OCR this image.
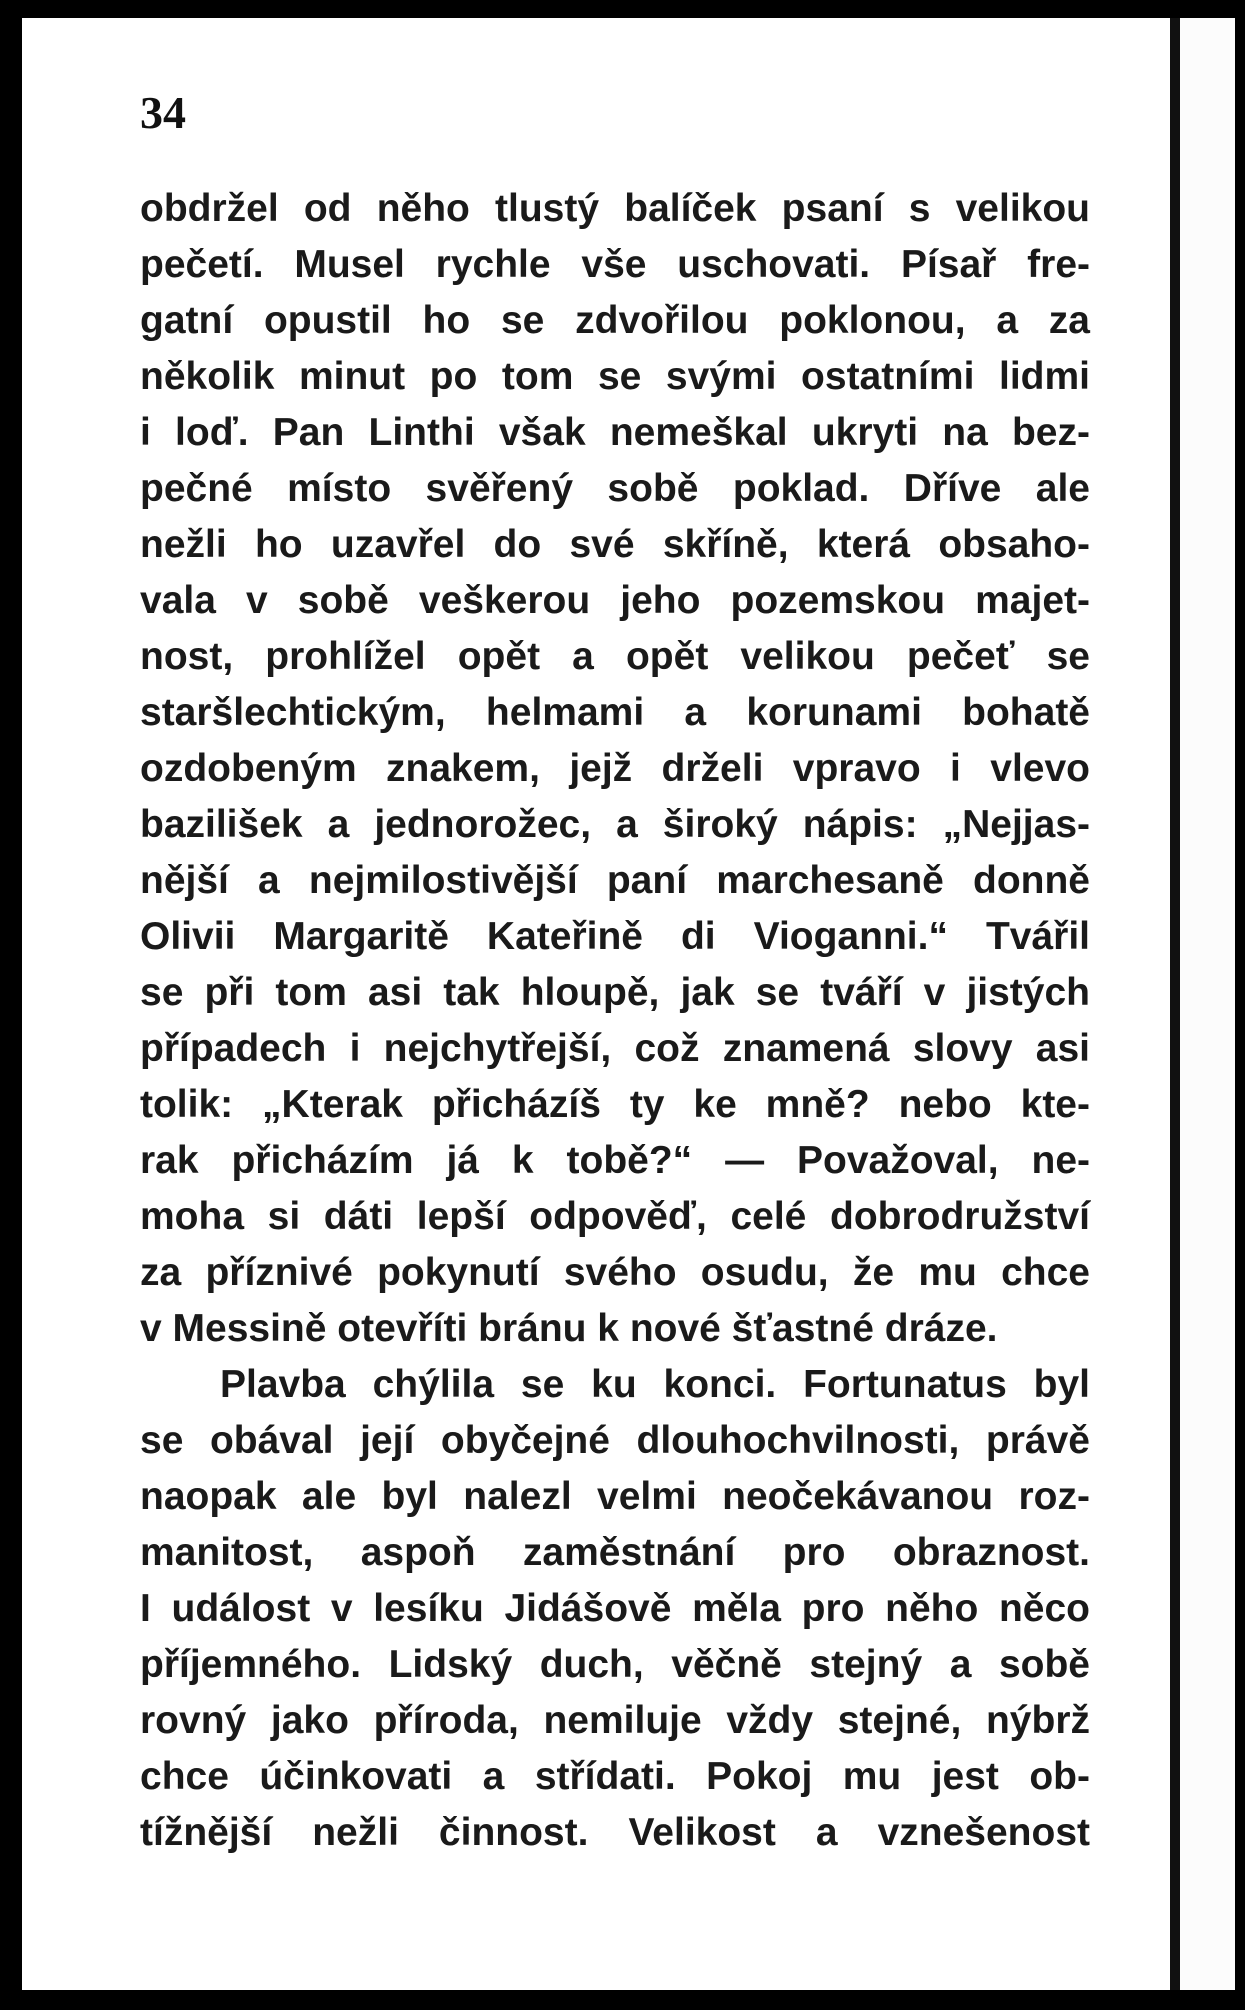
34
obdržel od něho tlustý balíček psaní s velikou
pečetí. Musel rychle vše uschovati. Písař fre-
gatní opustil ho se zdvořilou poklonou, a za
několik minut po tom se svými ostatními lidmi
i loď. Pan Linthi však nemeškal ukryti na bez-
pečné místo svěřený sobě poklad. Dříve ale
nežli ho uzavřel do své skříně, která obsaho-
vala v sobě veškerou jeho pozemskou majet-
nost, prohlížel opět a opět velikou pečeť se
staršlechtickým, helmami a korunami bohatě
ozdobeným znakem, jejž drželi vpravo i vlevo
bazilišek a jednorožec, a široký nápis: „Nejjas-
nější a nejmilostivější paní marchesaně donně
Olivii Margaritě Kateřině di Vioganni.“ Tvářil
se při tom asi tak hloupě, jak se tváří v jistých
případech i nejchytřejší, což znamená slovy asi
tolik: „Kterak přicházíš ty ke mně? nebo kte-
rak přicházím já k tobě?“ — Považoval, ne-
moha si dáti lepší odpověď, celé dobrodružství
za příznivé pokynutí svého osudu, že mu chce
v Messině otevříti bránu k nové šťastné dráze.
Plavba chýlila se ku konci. Fortunatus byl
se obával její obyčejné dlouhochvilnosti, právě
naopak ale byl nalezl velmi neočekávanou roz-
manitost, aspoň zaměstnání pro obraznost.
I událost v lesíku Jidášově měla pro něho něco
příjemného. Lidský duch, věčně stejný a sobě
rovný jako příroda, nemiluje vždy stejné, nýbrž
chce účinkovati a střídati. Pokoj mu jest ob-
tížnější nežli činnost. Velikost a vznešenost
